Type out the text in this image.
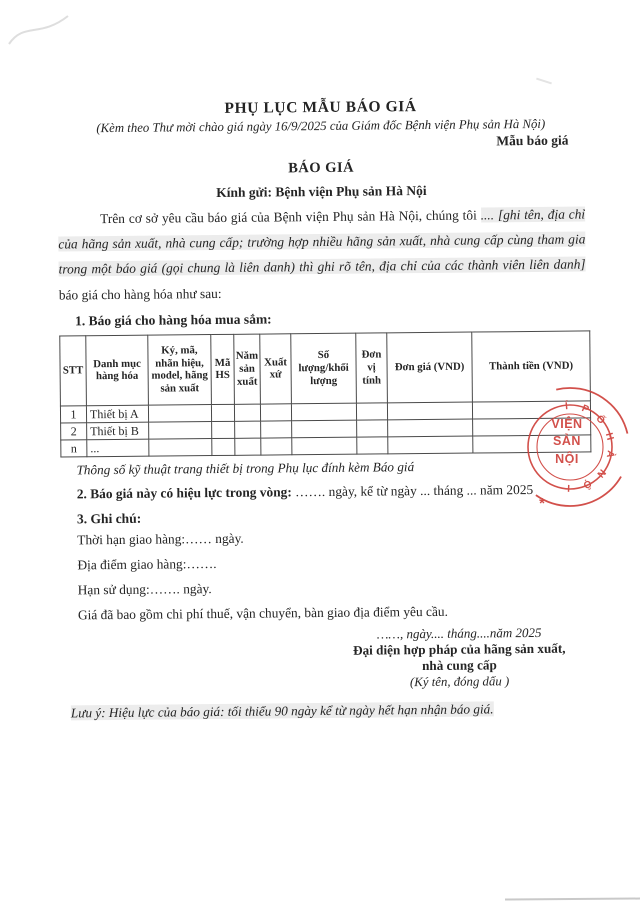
PHỤ LỤC MẪU BÁO GIÁ
(Kèm theo Thư mời chào giá ngày 16/9/2025 của Giám đốc Bệnh viện Phụ sản Hà Nội)
Mẫu báo giá
BÁO GIÁ
Kính gửi: Bệnh viện Phụ sản Hà Nội

Trên cơ sở yêu cầu báo giá của Bệnh viện Phụ sản Hà Nội, chúng tôi .... [ghi tên, địa chỉ của hãng sản xuất, nhà cung cấp; trường hợp nhiều hãng sản xuất, nhà cung cấp cùng tham gia trong một báo giá (gọi chung là liên danh) thì ghi rõ tên, địa chỉ của các thành viên liên danh] báo giá cho hàng hóa như sau:

1. Báo giá cho hàng hóa mua sắm:
STT	Danh mục hàng hóa	Ký, mã, nhãn hiệu, model, hãng sản xuất	Mã HS	Năm sản xuất	Xuất xứ	Số lượng/khối lượng	Đơn vị tính	Đơn giá (VND)	Thành tiền (VND)
1	Thiết bị A								
2	Thiết bị B								
n	...								
Thông số kỹ thuật trang thiết bị trong Phụ lục đính kèm Báo giá
2. Báo giá này có hiệu lực trong vòng: ……. ngày, kể từ ngày ... tháng ... năm 2025
3. Ghi chú:
Thời hạn giao hàng:…… ngày.
Địa điểm giao hàng:…….
Hạn sử dụng:……. ngày.
Giá đã bao gồm chi phí thuế, vận chuyển, bàn giao địa điểm yêu cầu.
……, ngày.... tháng....năm 2025
Đại diện hợp pháp của hãng sản xuất,
nhà cung cấp
(Ký tên, đóng dấu )
Lưu ý: Hiệu lực của báo giá: tối thiểu 90 ngày kể từ ngày hết hạn nhận báo giá.
VIỆN
SẢN
NỘI
Í P
Ố
H
À
N
Ộ
I
*
